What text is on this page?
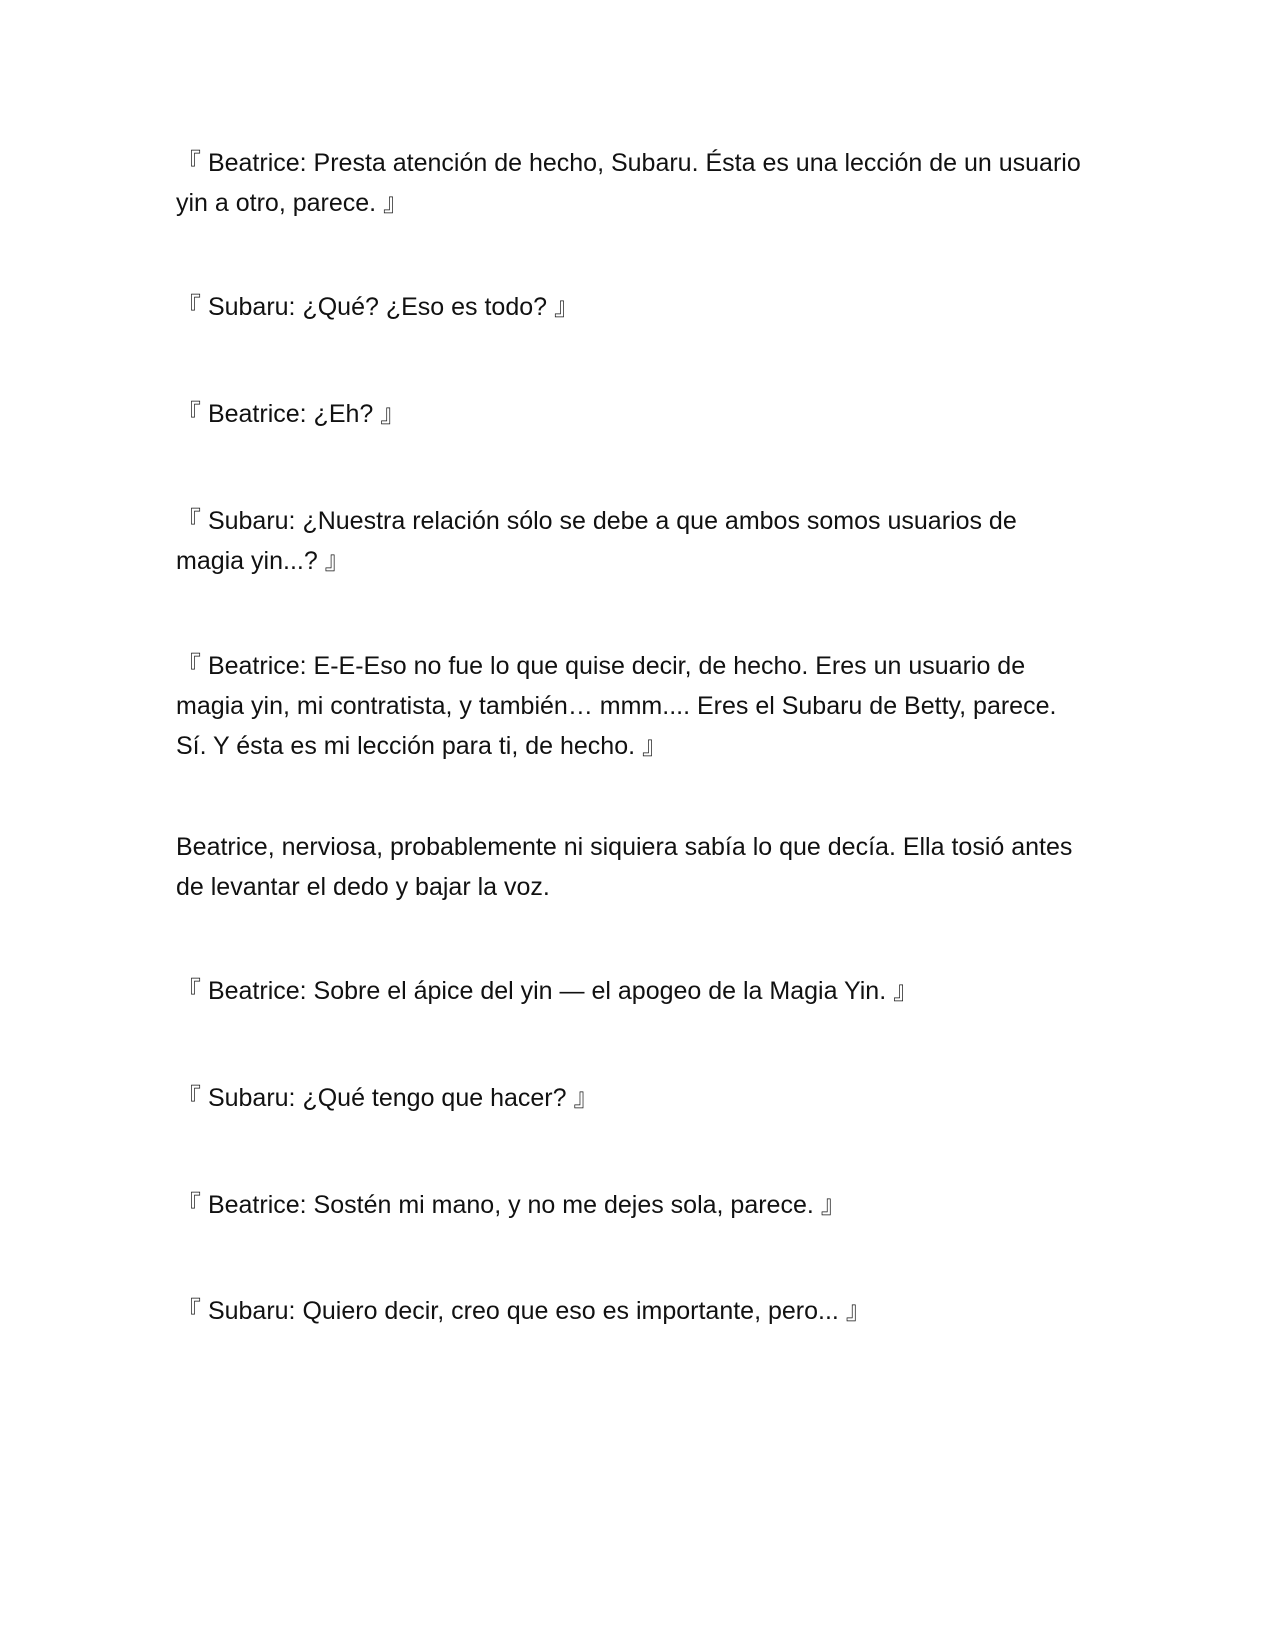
『 Beatrice: Presta atención de hecho, Subaru. Ésta es una lección de un usuario yin a otro, parece. 』

『 Subaru: ¿Qué? ¿Eso es todo? 』

『 Beatrice: ¿Eh? 』

『 Subaru: ¿Nuestra relación sólo se debe a que ambos somos usuarios de magia yin...? 』

『 Beatrice: E-E-Eso no fue lo que quise decir, de hecho. Eres un usuario de magia yin, mi contratista, y también… mmm.... Eres el Subaru de Betty, parece. Sí. Y ésta es mi lección para ti, de hecho. 』

Beatrice, nerviosa, probablemente ni siquiera sabía lo que decía. Ella tosió antes de levantar el dedo y bajar la voz.

『 Beatrice: Sobre el ápice del yin — el apogeo de la Magia Yin. 』

『 Subaru: ¿Qué tengo que hacer? 』

『 Beatrice: Sostén mi mano, y no me dejes sola, parece. 』

『 Subaru: Quiero decir, creo que eso es importante, pero... 』
